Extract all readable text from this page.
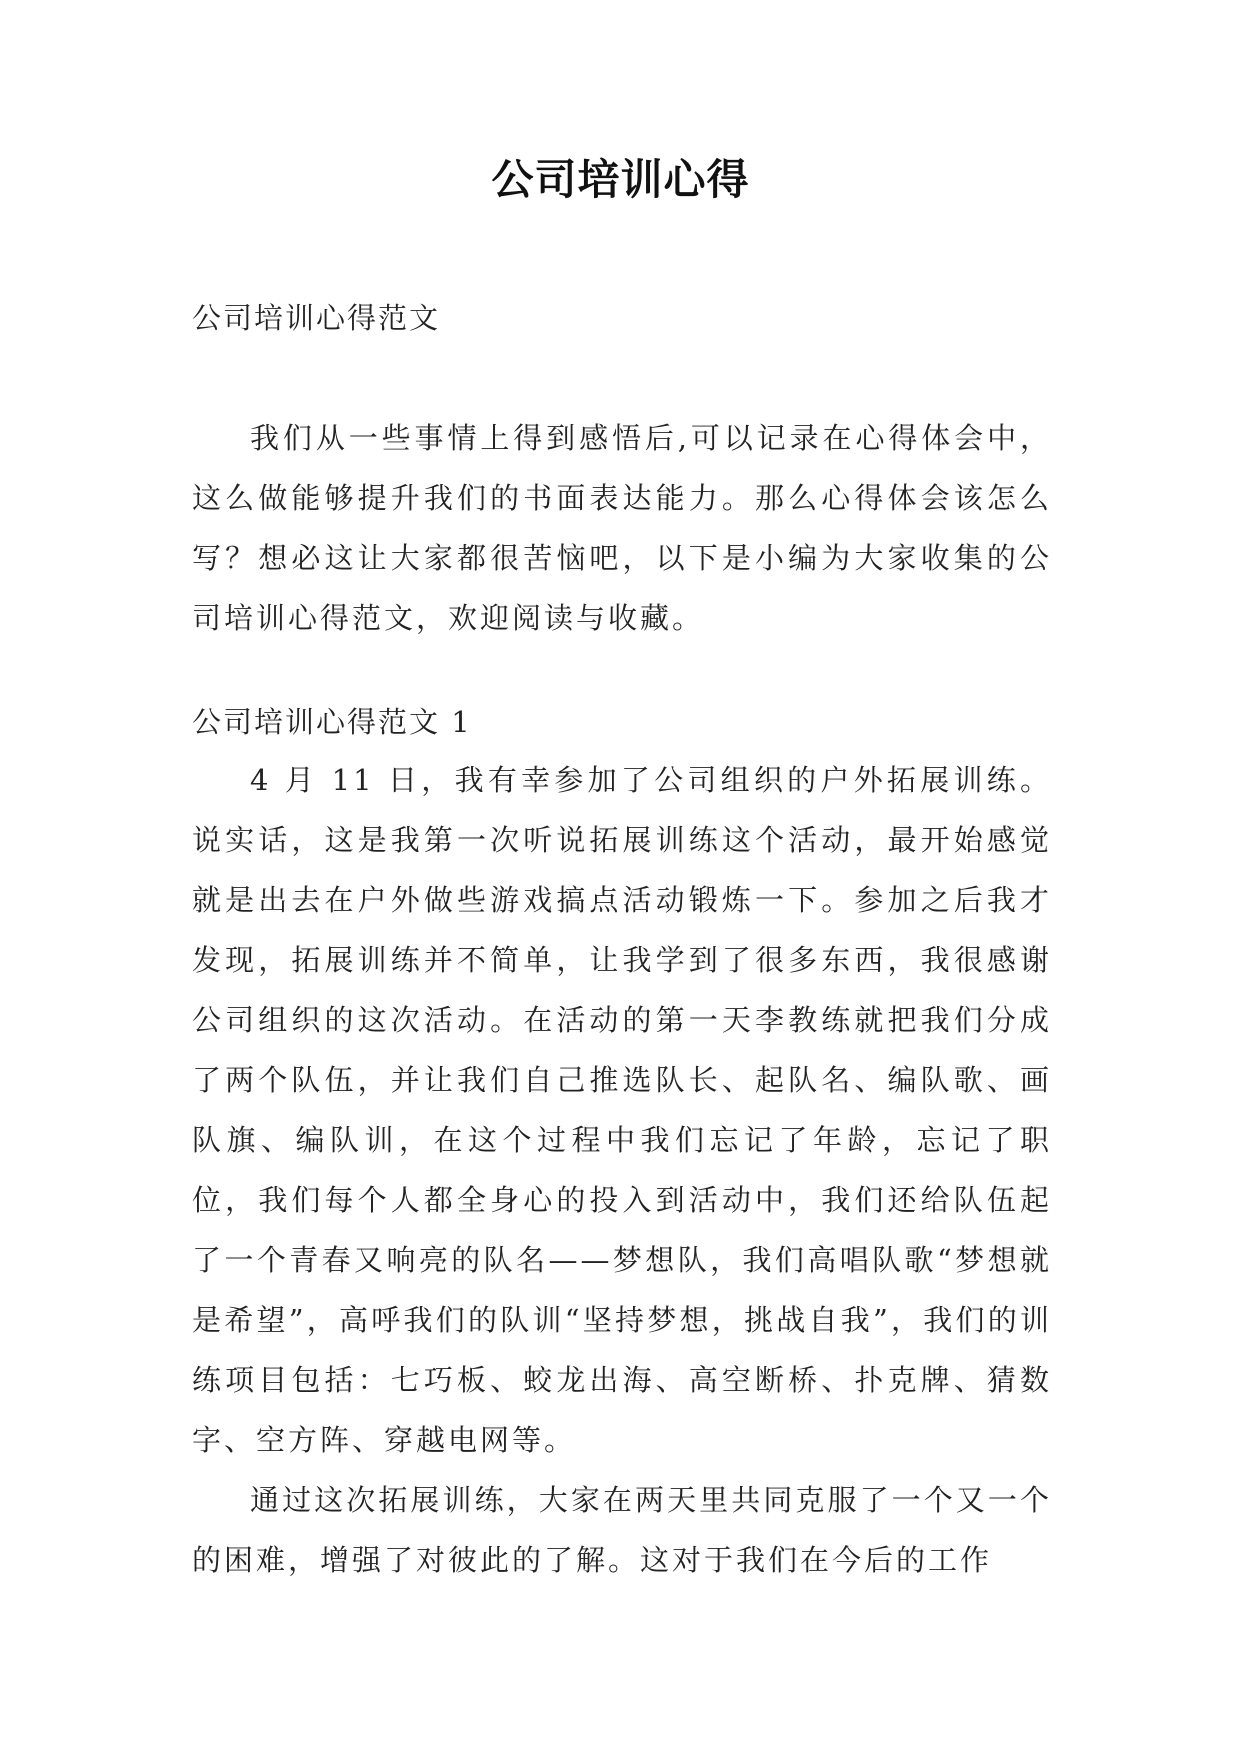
公司培训心得
公司培训心得范文

我们从一些事情上得到感悟后,可以记录在心得体会中，这么做能够提升我们的书面表达能力。那么心得体会该怎么写？想必这让大家都很苦恼吧，以下是小编为大家收集的公司培训心得范文，欢迎阅读与收藏。

公司培训心得范文 1

4 月 11 日，我有幸参加了公司组织的户外拓展训练。说实话，这是我第一次听说拓展训练这个活动，最开始感觉就是出去在户外做些游戏搞点活动锻炼一下。参加之后我才发现，拓展训练并不简单，让我学到了很多东西，我很感谢公司组织的这次活动。在活动的第一天李教练就把我们分成了两个队伍，并让我们自己推选队长、起队名、编队歌、画队旗、编队训，在这个过程中我们忘记了年龄，忘记了职位，我们每个人都全身心的投入到活动中，我们还给队伍起了一个青春又响亮的队名——梦想队，我们高唱队歌“梦想就是希望”，高呼我们的队训“坚持梦想，挑战自我”，我们的训练项目包括：七巧板、蛟龙出海、高空断桥、扑克牌、猜数字、空方阵、穿越电网等。

通过这次拓展训练，大家在两天里共同克服了一个又一个的困难，增强了对彼此的了解。这对于我们在今后的工作
